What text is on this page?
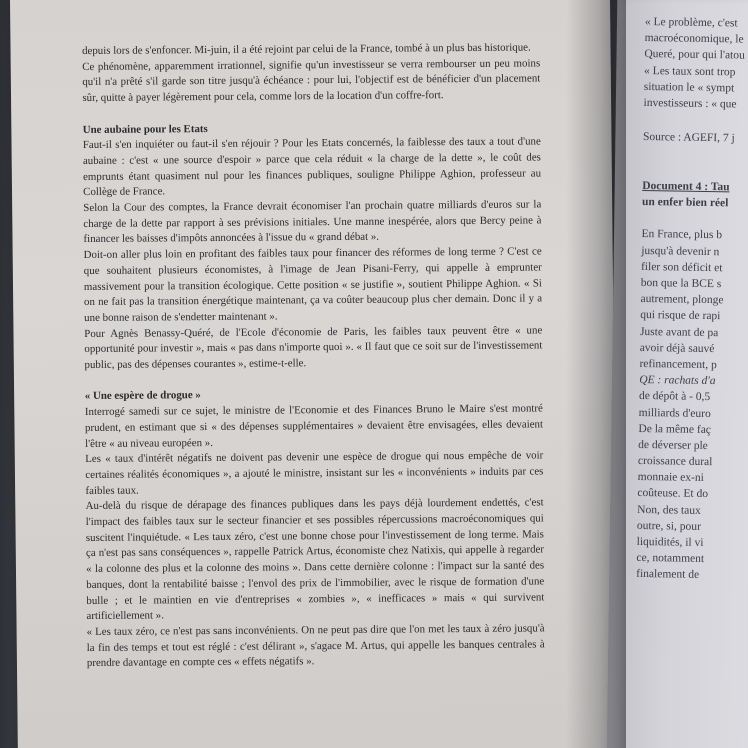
depuis lors de s'enfoncer. Mi-juin, il a été rejoint par celui de la France, tombé à un plus bas historique.

Ce phénomène, apparemment irrationnel, signifie qu'un investisseur se verra rembourser un peu moins qu'il n'a prêté s'il garde son titre jusqu'à échéance : pour lui, l'objectif est de bénéficier d'un placement sûr, quitte à payer légèrement pour cela, comme lors de la location d'un coffre-fort.

Une aubaine pour les Etats

Faut-il s'en inquiéter ou faut-il s'en réjouir ? Pour les Etats concernés, la faiblesse des taux a tout d'une aubaine : c'est « une source d'espoir » parce que cela réduit « la charge de la dette », le coût des emprunts étant quasiment nul pour les finances publiques, souligne Philippe Aghion, professeur au Collège de France.

Selon la Cour des comptes, la France devrait économiser l'an prochain quatre milliards d'euros sur la charge de la dette par rapport à ses prévisions initiales. Une manne inespérée, alors que Bercy peine à financer les baisses d'impôts annoncées à l'issue du « grand débat ».

Doit-on aller plus loin en profitant des faibles taux pour financer des réformes de long terme ? C'est ce que souhaitent plusieurs économistes, à l'image de Jean Pisani-Ferry, qui appelle à emprunter massivement pour la transition écologique. Cette position « se justifie », soutient Philippe Aghion. « Si on ne fait pas la transition énergétique maintenant, ça va coûter beaucoup plus cher demain. Donc il y a une bonne raison de s'endetter maintenant ».

Pour Agnès Benassy-Quéré, de l'Ecole d'économie de Paris, les faibles taux peuvent être « une opportunité pour investir », mais « pas dans n'importe quoi ». « Il faut que ce soit sur de l'investissement public, pas des dépenses courantes », estime-t-elle.

« Une espère de drogue »

Interrogé samedi sur ce sujet, le ministre de l'Economie et des Finances Bruno le Maire s'est montré prudent, en estimant que si « des dépenses supplémentaires » devaient être envisagées, elles devaient l'être « au niveau européen ».

Les « taux d'intérêt négatifs ne doivent pas devenir une espèce de drogue qui nous empêche de voir certaines réalités économiques », a ajouté le ministre, insistant sur les « inconvénients » induits par ces faibles taux.

Au-delà du risque de dérapage des finances publiques dans les pays déjà lourdement endettés, c'est l'impact des faibles taux sur le secteur financier et ses possibles répercussions macroéconomiques qui suscitent l'inquiétude. « Les taux zéro, c'est une bonne chose pour l'investissement de long terme. Mais ça n'est pas sans conséquences », rappelle Patrick Artus, économiste chez Natixis, qui appelle à regarder « la colonne des plus et la colonne des moins ». Dans cette dernière colonne : l'impact sur la santé des banques, dont la rentabilité baisse ; l'envol des prix de l'immobilier, avec le risque de formation d'une bulle ; et le maintien en vie d'entreprises « zombies », « inefficaces » mais « qui survivent artificiellement ».

« Les taux zéro, ce n'est pas sans inconvénients. On ne peut pas dire que l'on met les taux à zéro jusqu'à la fin des temps et tout est réglé : c'est délirant », s'agace M. Artus, qui appelle les banques centrales à prendre davantage en compte ces « effets négatifs ».

« Le problème, c'est
macroéconomique, le
Queré, pour qui l'atou
« Les taux sont trop
situation le « sympt
investisseurs : « que
Source : AGEFI, 7 j
Document 4 : Tau
un enfer bien réel
En France, plus b
jusqu'à devenir n
filer son déficit et
bon que la BCE s
autrement, plonge
qui risque de rapi
Juste avant de pa
avoir déjà sauvé
refinancement, p
QE : rachats d'a
de dépôt à - 0,5
milliards d'euro
De la même faç
de déverser ple
croissance dural
monnaie ex-ni
coûteuse. Et do
Non, des taux
outre, si, pour
liquidités, il vi
ce, notamment
finalement de
